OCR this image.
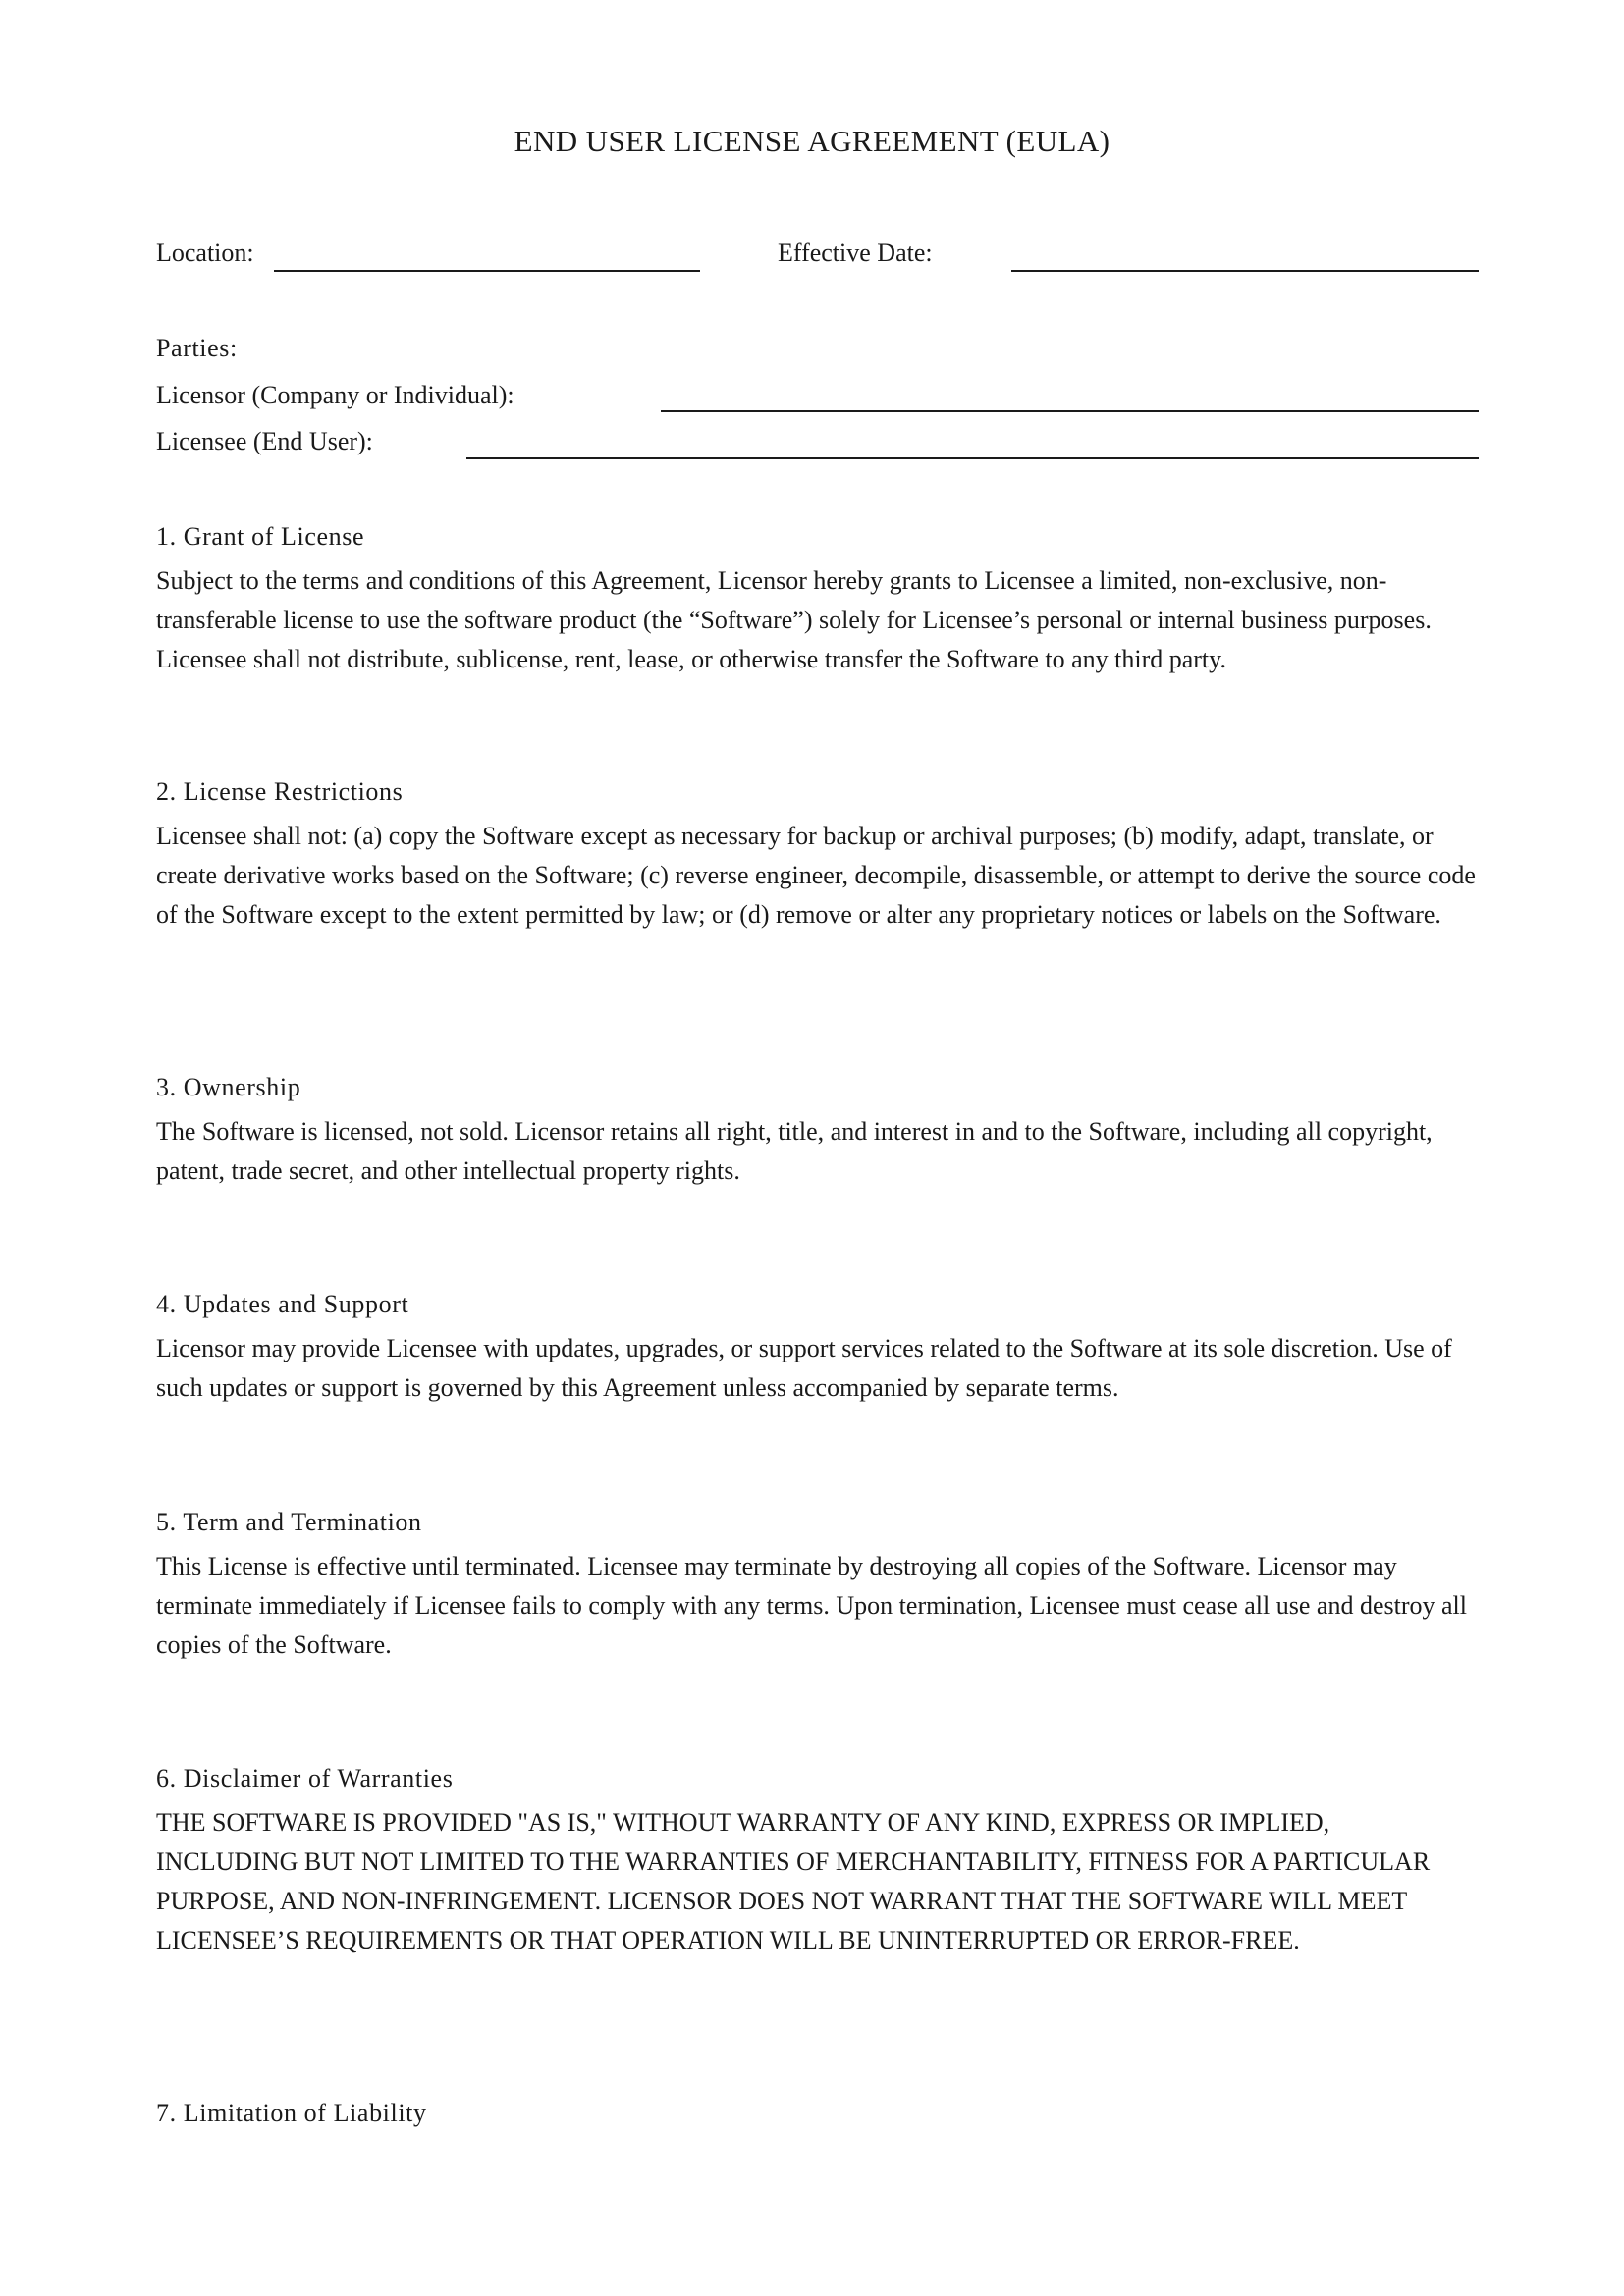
END USER LICENSE AGREEMENT (EULA)
Location:	Effective Date:
Parties:
Licensor (Company or Individual):
Licensee (End User):
1. Grant of License

Subject to the terms and conditions of this Agreement, Licensor hereby grants to Licensee a limited, non-exclusive, non-transferable license to use the software product (the “Software”) solely for Licensee’s personal or internal business purposes. Licensee shall not distribute, sublicense, rent, lease, or otherwise transfer the Software to any third party.

2. License Restrictions

Licensee shall not: (a) copy the Software except as necessary for backup or archival purposes; (b) modify, adapt, translate, or create derivative works based on the Software; (c) reverse engineer, decompile, disassemble, or attempt to derive the source code of the Software except to the extent permitted by law; or (d) remove or alter any proprietary notices or labels on the Software.

3. Ownership

The Software is licensed, not sold. Licensor retains all right, title, and interest in and to the Software, including all copyright, patent, trade secret, and other intellectual property rights.

4. Updates and Support

Licensor may provide Licensee with updates, upgrades, or support services related to the Software at its sole discretion. Use of such updates or support is governed by this Agreement unless accompanied by separate terms.

5. Term and Termination

This License is effective until terminated. Licensee may terminate by destroying all copies of the Software. Licensor may terminate immediately if Licensee fails to comply with any terms. Upon termination, Licensee must cease all use and destroy all copies of the Software.

6. Disclaimer of Warranties

THE SOFTWARE IS PROVIDED "AS IS," WITHOUT WARRANTY OF ANY KIND, EXPRESS OR IMPLIED, INCLUDING BUT NOT LIMITED TO THE WARRANTIES OF MERCHANTABILITY, FITNESS FOR A PARTICULAR PURPOSE, AND NON-INFRINGEMENT. LICENSOR DOES NOT WARRANT THAT THE SOFTWARE WILL MEET LICENSEE’S REQUIREMENTS OR THAT OPERATION WILL BE UNINTERRUPTED OR ERROR-FREE.

7. Limitation of Liability
